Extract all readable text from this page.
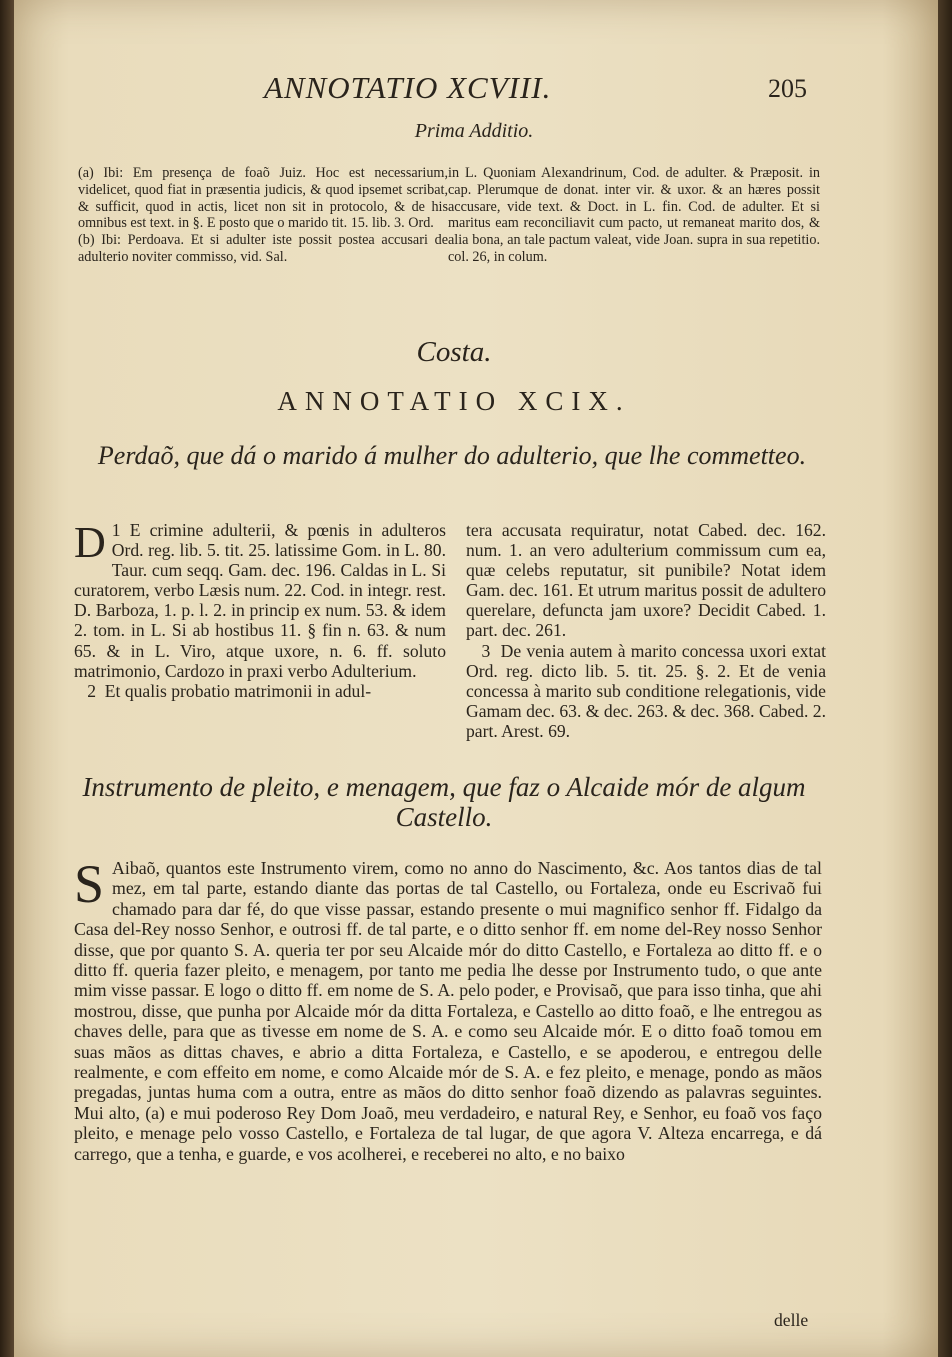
ANNOTATIO XCVIII.	205
Prima Additio.

(a) Ibi: Em presença de foaõ Juiz. Hoc est necessarium, videlicet, quod fiat in præsentia judicis, & quod ipsemet scribat, & sufficit, quod in actis, licet non sit in protocolo, & de his omnibus est text. in §. E posto que o marido tit. 15. lib. 3. Ord.

(b) Ibi: Perdoava. Et si adulter iste possit postea accusari de adulterio noviter commisso, vid. Sal.

in L. Quoniam Alexandrinum, Cod. de adulter. & Præposit. in cap. Plerumque de donat. inter vir. & uxor. & an hæres possit accusare, vide text. & Doct. in L. fin. Cod. de adulter. Et si maritus eam reconciliavit cum pacto, ut remaneat marito dos, & alia bona, an tale pactum valeat, vide Joan. supra in sua repetitio. col. 26, in colum.

Costa.
ANNOTATIO XCIX.
Perdaõ, que dá o marido á mulher do adulterio, que lhe commetteo.

1
D E crimine adulterii, & pœnis in adulteros Ord. reg. lib. 5. tit. 25. latissime Gom. in L. 80. Taur. cum seqq. Gam. dec. 196. Caldas in L. Si curatorem, verbo Læsis num. 22. Cod. in integr. rest. D. Barboza, 1. p. l. 2. in princip ex num. 53. & idem 2. tom. in L. Si ab hostibus 11. § fin n. 63. & num 65. & in L. Viro, atque uxore, n. 6. ff. soluto matrimonio, Cardozo in praxi verbo Adulterium.

2 Et qualis probatio matrimonii in adul-

tera accusata requiratur, notat Cabed. dec. 162. num. 1. an vero adulterium commissum cum ea, quæ celebs reputatur, sit punibile? Notat idem Gam. dec. 161. Et utrum maritus possit de adultero querelare, defuncta jam uxore? Decidit Cabed. 1. part. dec. 261.

3 De venia autem à marito concessa uxori extat Ord. reg. dicto lib. 5. tit. 25. §. 2. Et de venia concessa à marito sub conditione relegationis, vide Gamam dec. 63. & dec. 263. & dec. 368. Cabed. 2. part. Arest. 69.

Instrumento de pleito, e menagem, que faz o Alcaide mór de algum Castello.

S Aibaõ, quantos este Instrumento virem, como no anno do Nascimento, &c. Aos tantos dias de tal mez, em tal parte, estando diante das portas de tal Castello, ou Fortaleza, onde eu Escrivaõ fui chamado para dar fé, do que visse passar, estando presente o mui magnifico senhor ff. Fidalgo da Casa del-Rey nosso Senhor, e outrosi ff. de tal parte, e o ditto senhor ff. em nome del-Rey nosso Senhor disse, que por quanto S. A. queria ter por seu Alcaide mór do ditto Castello, e Fortaleza ao ditto ff. e o ditto ff. queria fazer pleito, e menagem, por tanto me pedia lhe desse por Instrumento tudo, o que ante mim visse passar. E logo o ditto ff. em nome de S. A. pelo poder, e Provisaõ, que para isso tinha, que ahi mostrou, disse, que punha por Alcaide mór da ditta Fortaleza, e Castello ao ditto foaõ, e lhe entregou as chaves delle, para que as tivesse em nome de S. A. e como seu Alcaide mór. E o ditto foaõ tomou em suas mãos as dittas chaves, e abrio a ditta Fortaleza, e Castello, e se apoderou, e entregou delle realmente, e com effeito em nome, e como Alcaide mór de S. A. e fez pleito, e menage, pondo as mãos pregadas, juntas huma com a outra, entre as mãos do ditto senhor foaõ dizendo as palavras seguintes. Mui alto, (a) e mui poderoso Rey Dom Joaõ, meu verdadeiro, e natural Rey, e Senhor, eu foaõ vos faço pleito, e menage pelo vosso Castello, e Fortaleza de tal lugar, de que agora V. Alteza encarrega, e dá carrego, que a tenha, e guarde, e vos acolherei, e receberei no alto, e no baixo

delle
